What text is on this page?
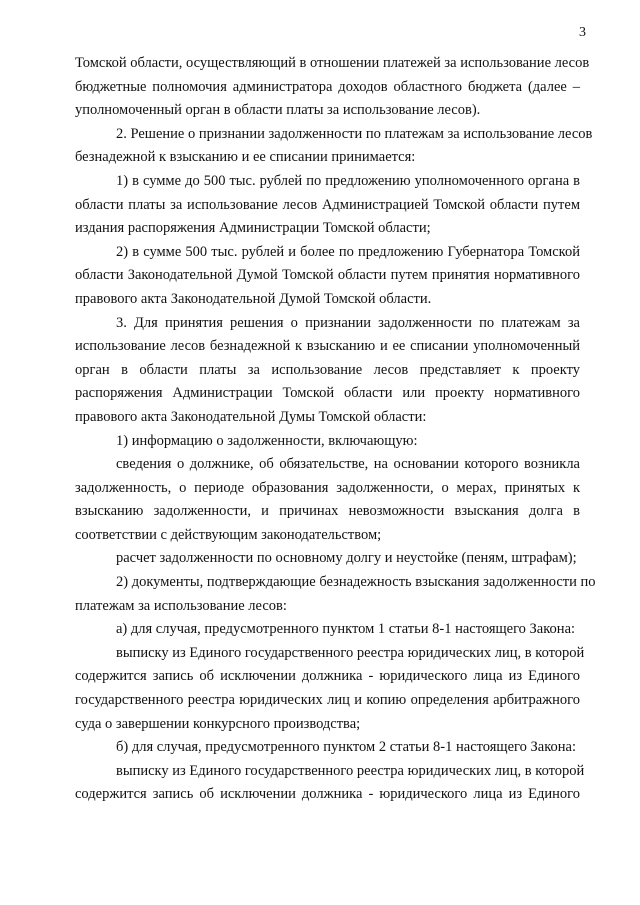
3
Томской области, осуществляющий в отношении платежей за использование лесов
бюджетные полномочия администратора доходов областного бюджета (далее –
уполномоченный орган в области платы за использование лесов).
2. Решение о признании задолженности по платежам за использование лесов
безнадежной к взысканию и ее списании принимается:
1) в сумме до 500 тыс. рублей по предложению уполномоченного органа в
области платы за использование лесов Администрацией Томской области путем
издания распоряжения Администрации Томской области;
2) в сумме 500 тыс. рублей и более по предложению Губернатора Томской
области Законодательной Думой Томской области путем принятия нормативного
правового акта Законодательной Думой Томской области.
3. Для принятия решения о признании задолженности по платежам за
использование лесов безнадежной к взысканию и ее списании уполномоченный
орган в области платы за использование лесов представляет к проекту
распоряжения Администрации Томской области или проекту нормативного
правового акта Законодательной Думы Томской области:
1) информацию о задолженности, включающую:
сведения о должнике, об обязательстве, на основании которого возникла
задолженность, о периоде образования задолженности, о мерах, принятых к
взысканию задолженности, и причинах невозможности взыскания долга в
соответствии с действующим законодательством;
расчет задолженности по основному долгу и неустойке (пеням, штрафам);
2) документы, подтверждающие безнадежность взыскания задолженности по
платежам за использование лесов:
а) для случая, предусмотренного пунктом 1 статьи 8-1 настоящего Закона:
выписку из Единого государственного реестра юридических лиц, в которой
содержится запись об исключении должника - юридического лица из Единого
государственного реестра юридических лиц и копию определения арбитражного
суда о завершении конкурсного производства;
б) для случая, предусмотренного пунктом 2 статьи 8-1 настоящего Закона:
выписку из Единого государственного реестра юридических лиц, в которой
содержится запись об исключении должника - юридического лица из Единого
